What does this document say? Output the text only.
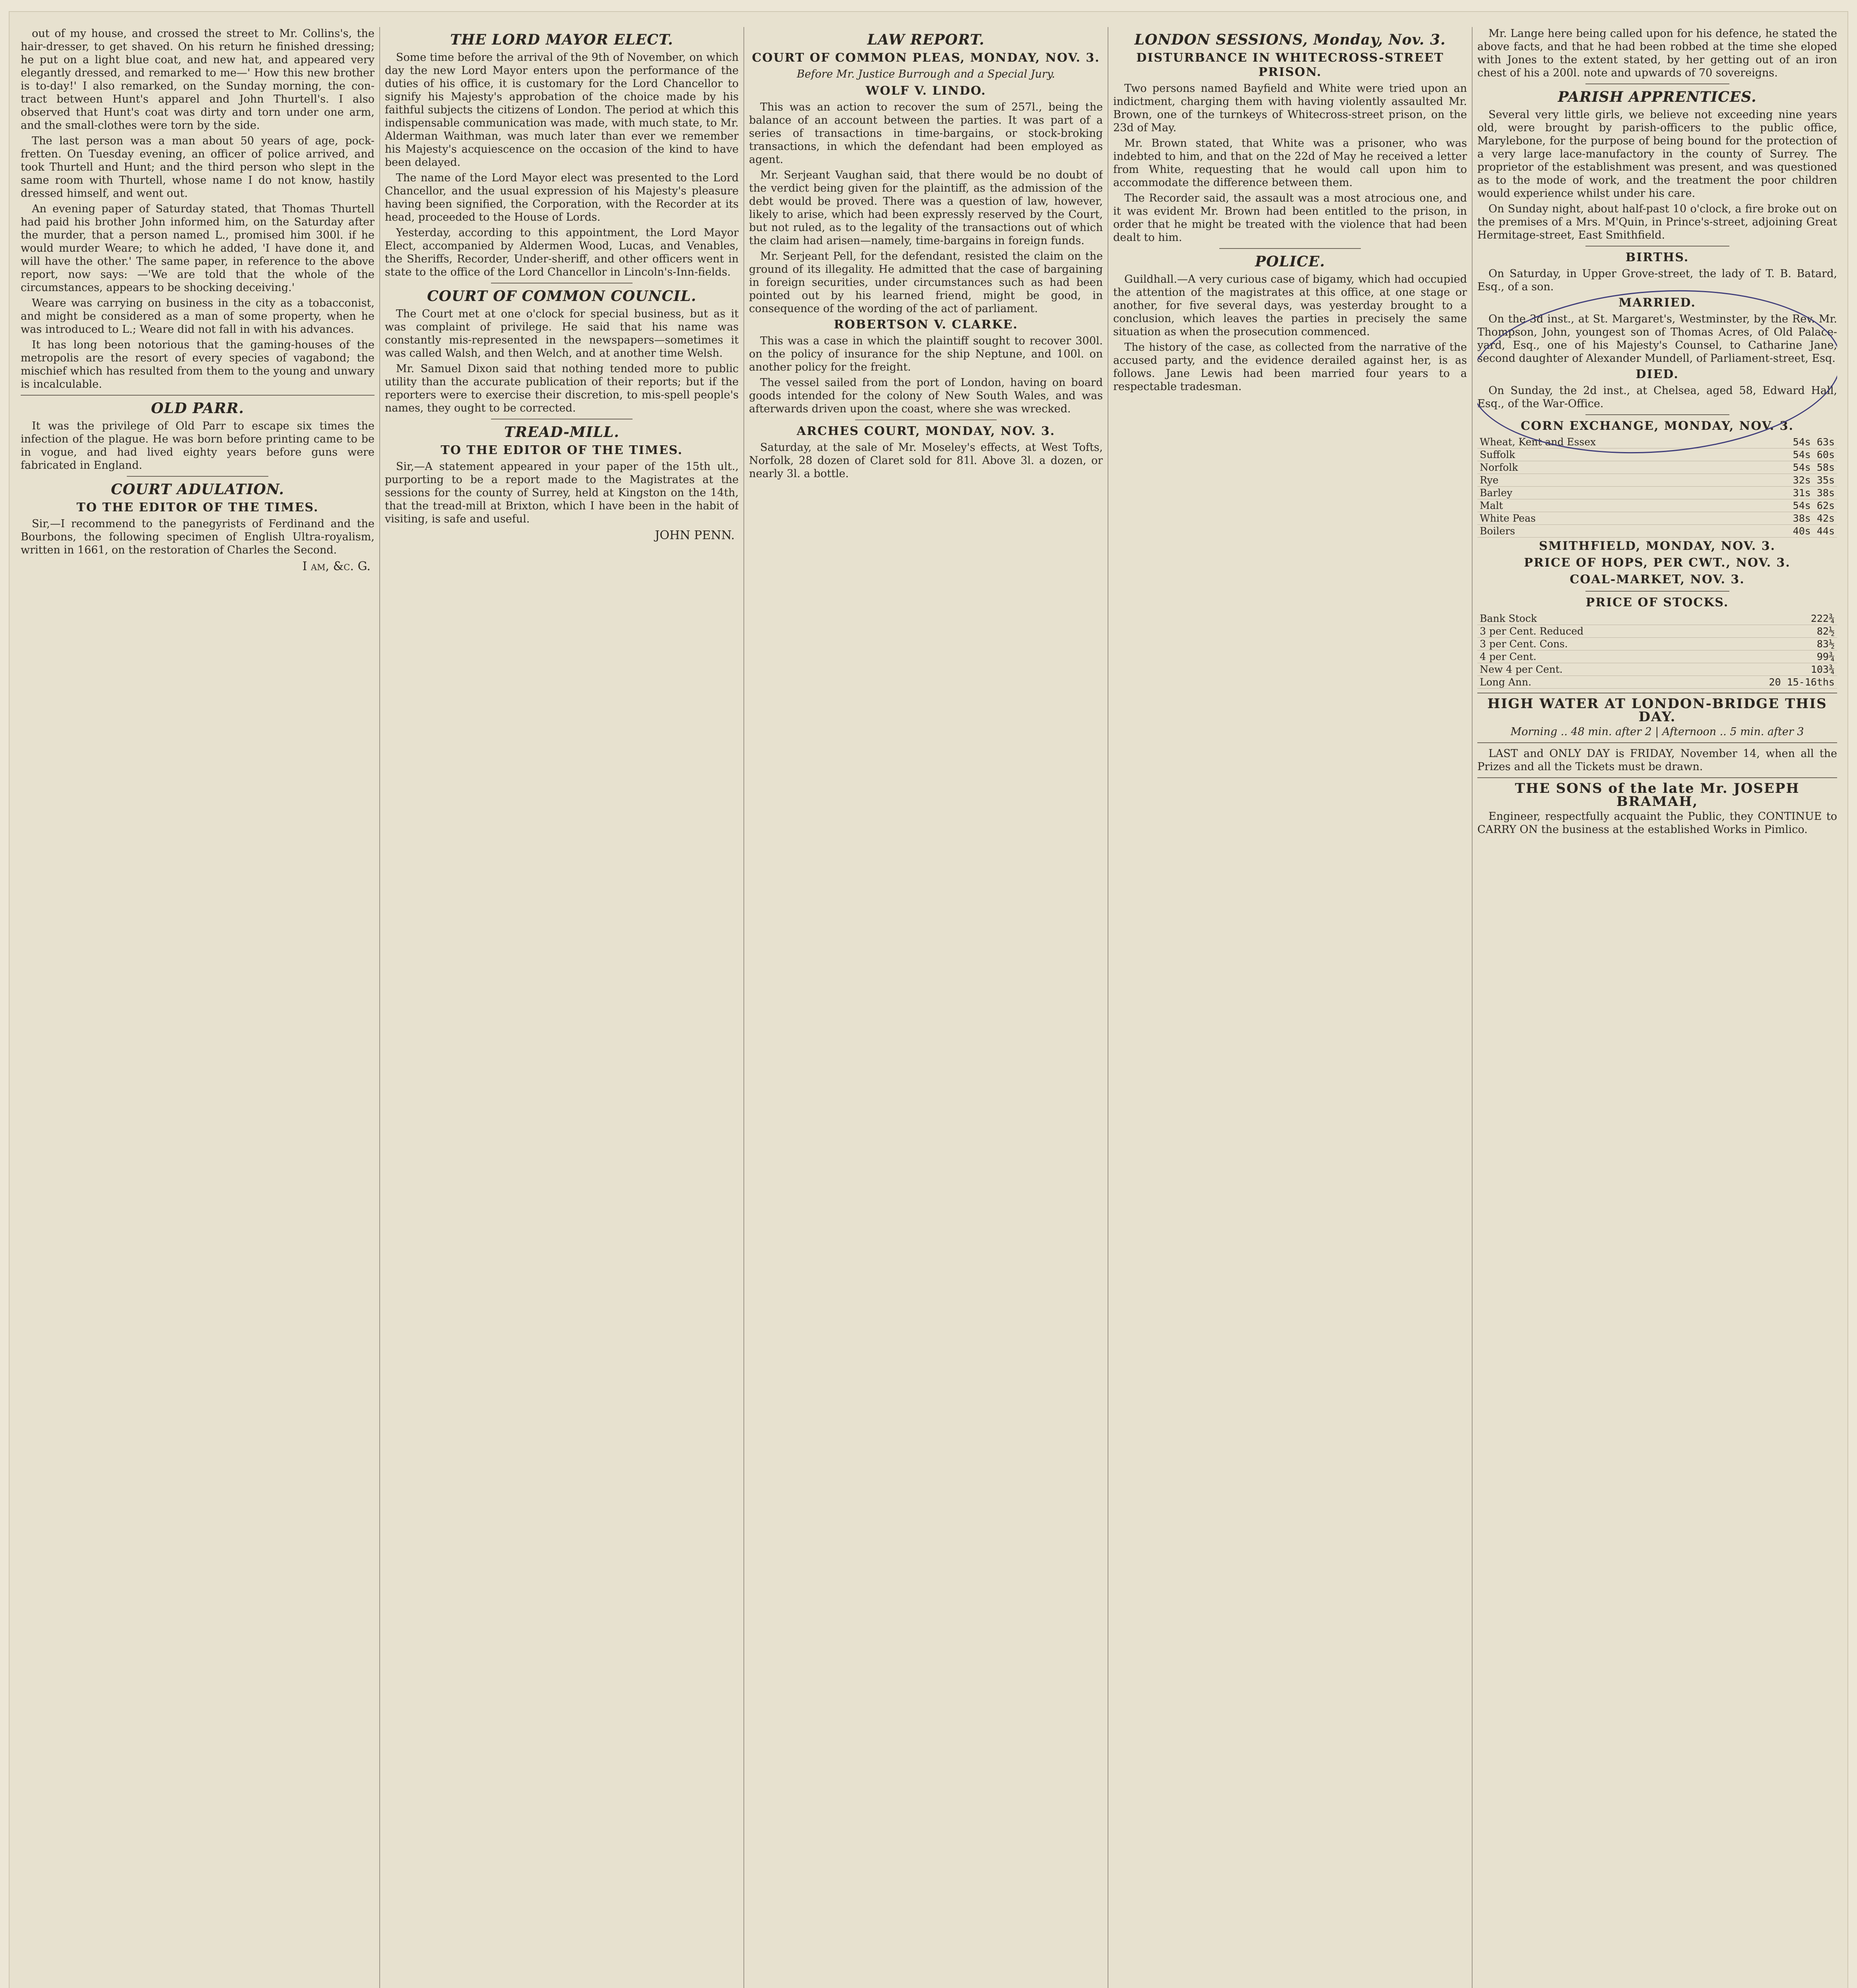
out of my house, and crossed the street to Mr. Collins's, the hair-dresser, to get shaved. On his return he finished dressing; he put on a light blue coat, and new hat, and appeared very elegantly dressed, and remarked to me—' How this new brother is to-day!' I also remarked, on the Sunday morning, the con-tract between Hunt's apparel and John Thurtell's. I also observed that Hunt's coat was dirty and torn under one arm, and the small-clothes were torn by the side.

The last person was a man about 50 years of age, pock-fretten. On Tuesday evening, an officer of police arrived, and took Thurtell and Hunt; and the third person who slept in the same room with Thurtell, whose name I do not know, hastily dressed himself, and went out.

An evening paper of Saturday stated, that Thomas Thurtell had paid his brother John informed him, on the Saturday after the murder, that a person named L., promised him 300l. if he would murder Weare; to which he added, 'I have done it, and will have the other.' The same paper, in reference to the above report, now says: —'We are told that the whole of the circumstances, appears to be shocking deceiving.'

Weare was carrying on business in the city as a tobacconist, and might be considered as a man of some property, when he was introduced to L.; Weare did not fall in with his advances.

It has long been notorious that the gaming-houses of the metropolis are the resort of every species of vagabond; the mischief which has resulted from them to the young and unwary is incalculable.

OLD PARR.

It was the privilege of Old Parr to escape six times the infection of the plague. He was born before printing came to be in vogue, and had lived eighty years before guns were fabricated in England.

COURT ADULATION.
TO THE EDITOR OF THE TIMES.

Sir,—I recommend to the panegyrists of Ferdinand and the Bourbons, the following specimen of English Ultra-royalism, written in 1661, on the restoration of Charles the Second.

I am, &c. G.
THE LORD MAYOR ELECT.

Some time before the arrival of the 9th of November, on which day the new Lord Mayor enters upon the performance of the duties of his office, it is customary for the Lord Chancellor to signify his Majesty's approbation of the choice made by his faithful subjects the citizens of London. The period at which this indispensable communication was made, with much state, to Mr. Alderman Waithman, was much later than ever we remember his Majesty's acquiescence on the occasion of the kind to have been delayed.

The name of the Lord Mayor elect was presented to the Lord Chancellor, and the usual expression of his Majesty's pleasure having been signified, the Corporation, with the Recorder at its head, proceeded to the House of Lords.

Yesterday, according to this appointment, the Lord Mayor Elect, accompanied by Aldermen Wood, Lucas, and Venables, the Sheriffs, Recorder, Under-sheriff, and other officers went in state to the office of the Lord Chancellor in Lincoln's-Inn-fields.

COURT OF COMMON COUNCIL.

The Court met at one o'clock for special business, but as it was complaint of privilege. He said that his name was constantly mis-represented in the newspapers—sometimes it was called Walsh, and then Welch, and at another time Welsh.

Mr. Samuel Dixon said that nothing tended more to public utility than the accurate publication of their reports; but if the reporters were to exercise their discretion, to mis-spell people's names, they ought to be corrected.

TREAD-MILL.
TO THE EDITOR OF THE TIMES.

Sir,—A statement appeared in your paper of the 15th ult., purporting to be a report made to the Magistrates at the sessions for the county of Surrey, held at Kingston on the 14th, that the tread-mill at Brixton, which I have been in the habit of visiting, is safe and useful.

JOHN PENN.
LAW REPORT.
COURT OF COMMON PLEAS, MONDAY, NOV. 3.
Before Mr. Justice Burrough and a Special Jury.
WOLF V. LINDO.

This was an action to recover the sum of 257l., being the balance of an account between the parties. It was part of a series of transactions in time-bargains, or stock-broking transactions, in which the defendant had been employed as agent.

Mr. Serjeant Vaughan said, that there would be no doubt of the verdict being given for the plaintiff, as the admission of the debt would be proved. There was a question of law, however, likely to arise, which had been expressly reserved by the Court, but not ruled, as to the legality of the transactions out of which the claim had arisen—namely, time-bargains in foreign funds.

Mr. Serjeant Pell, for the defendant, resisted the claim on the ground of its illegality. He admitted that the case of bargaining in foreign securities, under circumstances such as had been pointed out by his learned friend, might be good, in consequence of the wording of the act of parliament.

ROBERTSON V. CLARKE.

This was a case in which the plaintiff sought to recover 300l. on the policy of insurance for the ship Neptune, and 100l. on another policy for the freight.

The vessel sailed from the port of London, having on board goods intended for the colony of New South Wales, and was afterwards driven upon the coast, where she was wrecked.

ARCHES COURT, MONDAY, NOV. 3.

Saturday, at the sale of Mr. Moseley's effects, at West Tofts, Norfolk, 28 dozen of Claret sold for 81l. Above 3l. a dozen, or nearly 3l. a bottle.

LONDON SESSIONS, Monday, Nov. 3.
DISTURBANCE IN WHITECROSS-STREET PRISON.

Two persons named Bayfield and White were tried upon an indictment, charging them with having violently assaulted Mr. Brown, one of the turnkeys of Whitecross-street prison, on the 23d of May.

Mr. Brown stated, that White was a prisoner, who was indebted to him, and that on the 22d of May he received a letter from White, requesting that he would call upon him to accommodate the difference between them.

The Recorder said, the assault was a most atrocious one, and it was evident Mr. Brown had been entitled to the prison, in order that he might be treated with the violence that had been dealt to him.

POLICE.

Guildhall.—A very curious case of bigamy, which had occupied the attention of the magistrates at this office, at one stage or another, for five several days, was yesterday brought to a conclusion, which leaves the parties in precisely the same situation as when the prosecution commenced.

The history of the case, as collected from the narrative of the accused party, and the evidence derailed against her, is as follows. Jane Lewis had been married four years to a respectable tradesman.

Mr. Lange here being called upon for his defence, he stated the above facts, and that he had been robbed at the time she eloped with Jones to the extent stated, by her getting out of an iron chest of his a 200l. note and upwards of 70 sovereigns.

PARISH APPRENTICES.

Several very little girls, we believe not exceeding nine years old, were brought by parish-officers to the public office, Marylebone, for the purpose of being bound for the protection of a very large lace-manufactory in the county of Surrey. The proprietor of the establishment was present, and was questioned as to the mode of work, and the treatment the poor children would experience whilst under his care.

On Sunday night, about half-past 10 o'clock, a fire broke out on the premises of a Mrs. M'Quin, in Prince's-street, adjoining Great Hermitage-street, East Smithfield.

BIRTHS.

On Saturday, in Upper Grove-street, the lady of T. B. Batard, Esq., of a son.

MARRIED.

On the 3d inst., at St. Margaret's, Westminster, by the Rev. Mr. Thompson, John, youngest son of Thomas Acres, of Old Palace-yard, Esq., one of his Majesty's Counsel, to Catharine Jane, second daughter of Alexander Mundell, of Parliament-street, Esq.

DIED.

On Sunday, the 2d inst., at Chelsea, aged 58, Edward Hall, Esq., of the War-Office.

CORN EXCHANGE, MONDAY, NOV. 3.
Wheat, Kent and Essex	54s 63s
Suffolk	54s 60s
Norfolk	54s 58s
Rye	32s 35s
Barley	31s 38s
Malt	54s 62s
White Peas	38s 42s
Boilers	40s 44s
SMITHFIELD, MONDAY, NOV. 3.
PRICE OF HOPS, PER CWT., NOV. 3.
COAL-MARKET, NOV. 3.
PRICE OF STOCKS.
Bank Stock	222¾
3 per Cent. Reduced	82½
3 per Cent. Cons.	83½
4 per Cent.	99¾
New 4 per Cent.	103¾
Long Ann.	20 15-16ths
HIGH WATER AT LONDON-BRIDGE THIS DAY.
Morning .. 48 min. after 2 | Afternoon .. 5 min. after 3

LAST and ONLY DAY is FRIDAY, November 14, when all the Prizes and all the Tickets must be drawn.

THE SONS of the late Mr. JOSEPH BRAMAH,

Engineer, respectfully acquaint the Public, they CONTINUE to CARRY ON the business at the established Works in Pimlico.
